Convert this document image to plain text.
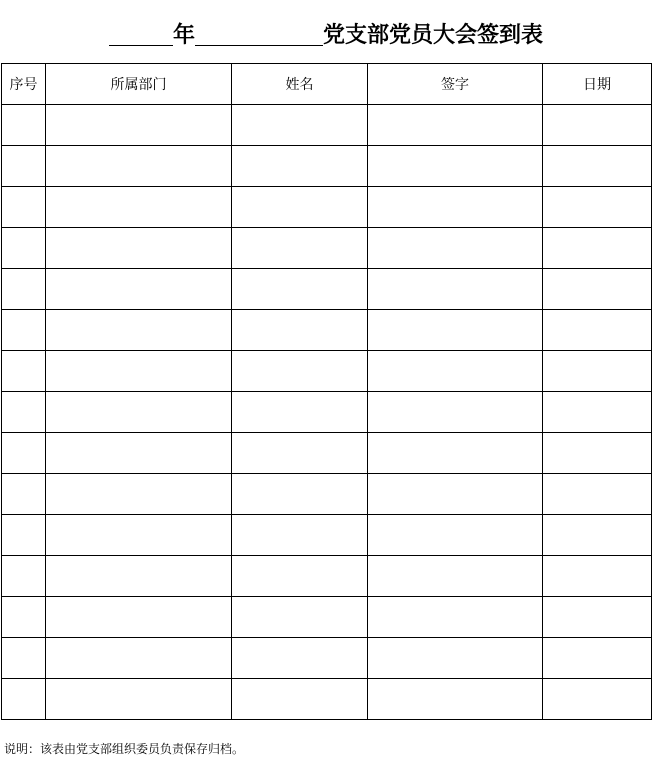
年	党支部党员大会签到表
序号	所属部门	姓名	签字	日期

说明：该表由党支部组织委员负责保存归档。
